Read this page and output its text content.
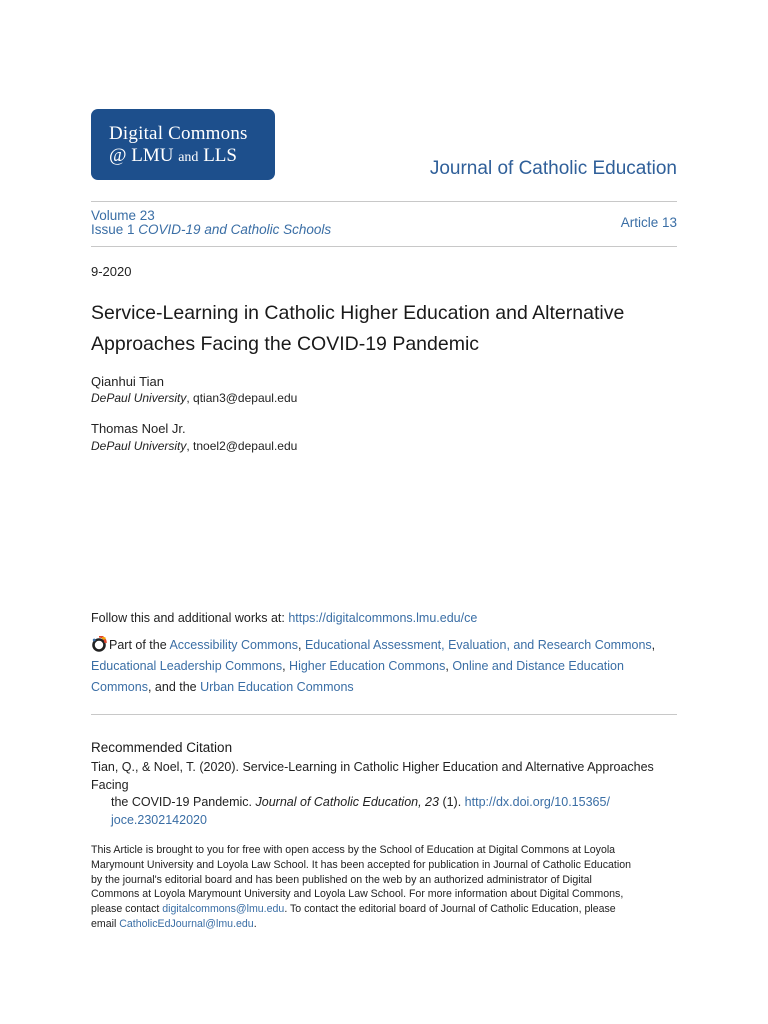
Digital Commons
@ LMU and LLS
Journal of Catholic Education
Volume 23
Issue 1 COVID-19 and Catholic Schools	Article 13
9-2020
Service-Learning in Catholic Higher Education and Alternative Approaches Facing the COVID-19 Pandemic
Qianhui Tian
DePaul University, qtian3@depaul.edu
Thomas Noel Jr.
DePaul University, tnoel2@depaul.edu
Follow this and additional works at: https://digitalcommons.lmu.edu/ce
Part of the Accessibility Commons, Educational Assessment, Evaluation, and Research Commons,
Educational Leadership Commons, Higher Education Commons, Online and Distance Education
Commons, and the Urban Education Commons
Recommended Citation
Tian, Q., & Noel, T. (2020). Service-Learning in Catholic Higher Education and Alternative Approaches Facing
the COVID-19 Pandemic. Journal of Catholic Education, 23 (1). http://dx.doi.org/10.15365/
joce.2302142020
This Article is brought to you for free with open access by the School of Education at Digital Commons at Loyola
Marymount University and Loyola Law School. It has been accepted for publication in Journal of Catholic Education
by the journal's editorial board and has been published on the web by an authorized administrator of Digital
Commons at Loyola Marymount University and Loyola Law School. For more information about Digital Commons,
please contact digitalcommons@lmu.edu. To contact the editorial board of Journal of Catholic Education, please
email CatholicEdJournal@lmu.edu.
